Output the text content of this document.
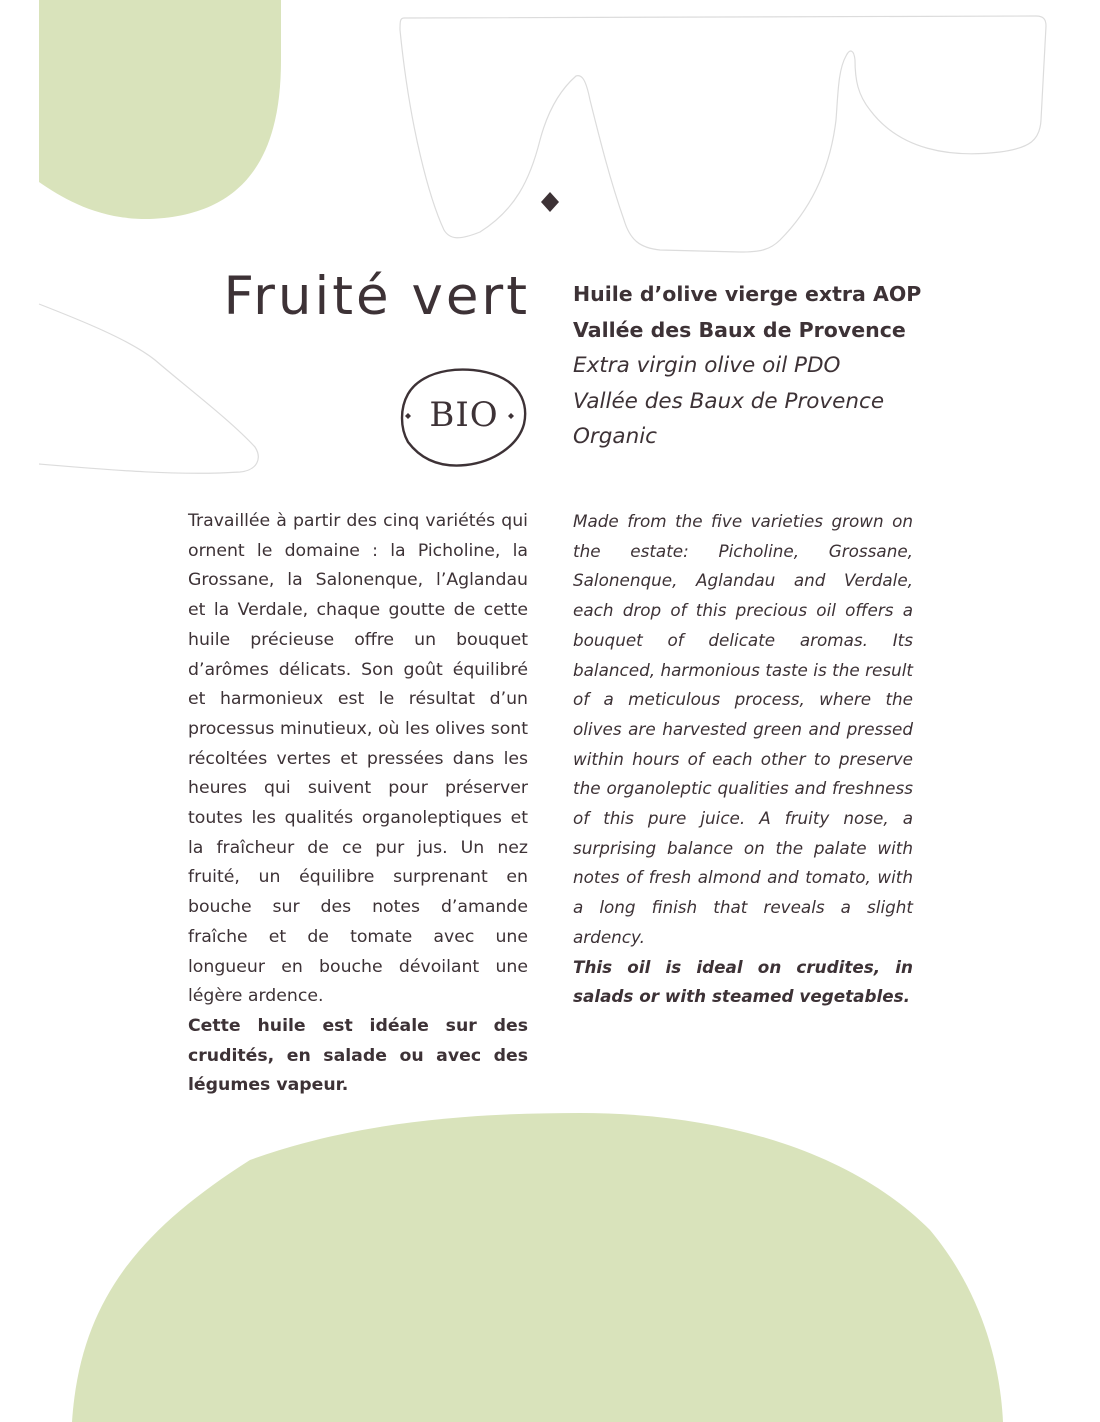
Fruité vert
BIO
Huile d’olive vierge extra AOP
Vallée des Baux de Provence
Extra virgin olive oil PDO
Vallée des Baux de Provence
Organic

Travaillée à partir des cinq variétés qui ornent le domaine : la Picholine, la Grossane, la Salonenque, l’Aglandau et la Verdale, chaque goutte de cette huile précieuse offre un bouquet d’arômes délicats. Son goût équilibré et harmonieux est le résultat d’un processus minutieux, où les olives sont récoltées vertes et pressées dans les heures qui suivent pour préserver toutes les qualités organoleptiques et la fraîcheur de ce pur jus. Un nez fruité, un équilibre surprenant en bouche sur des notes d’amande fraîche et de tomate avec une longueur en bouche dévoilant une légère ardence.

Cette huile est idéale sur des crudités, en salade ou avec des légumes vapeur.

Made from the five varieties grown on the estate: Picholine, Grossane, Salonenque, Aglandau and Verdale, each drop of this precious oil offers a bouquet of delicate aromas. Its balanced, harmonious taste is the result of a meticulous process, where the olives are harvested green and pressed within hours of each other to preserve the organoleptic qualities and freshness of this pure juice. A fruity nose, a surprising balance on the palate with notes of fresh almond and tomato, with a long finish that reveals a slight ardency.

This oil is ideal on crudites, in salads or with steamed vegetables.
